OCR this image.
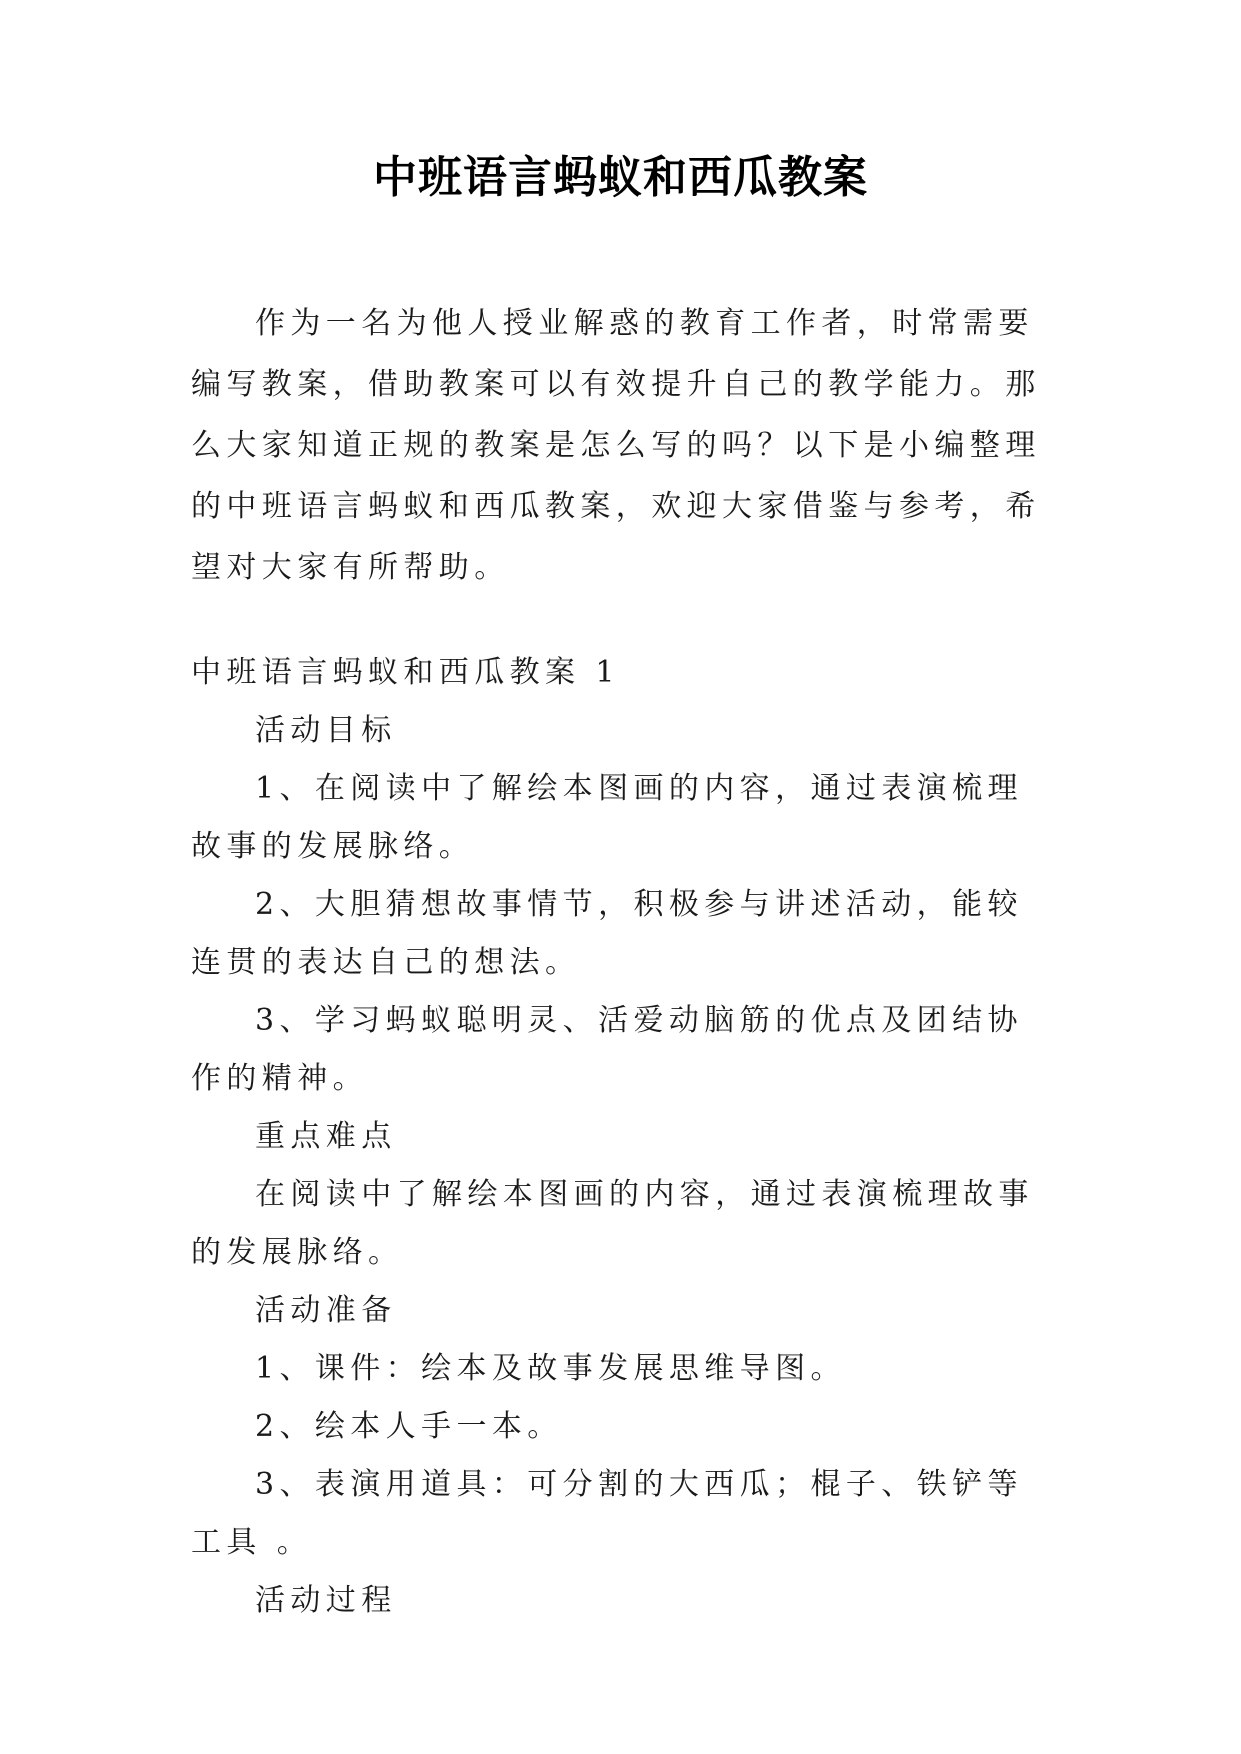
中班语言蚂蚁和西瓜教案

作为一名为他人授业解惑的教育工作者，时常需要编写教案，借助教案可以有效提升自己的教学能力。那么大家知道正规的教案是怎么写的吗？以下是小编整理的中班语言蚂蚁和西瓜教案，欢迎大家借鉴与参考，希望对大家有所帮助。

中班语言蚂蚁和西瓜教案 1

活动目标

1、在阅读中了解绘本图画的内容，通过表演梳理故事的发展脉络。

2、大胆猜想故事情节，积极参与讲述活动，能较连贯的表达自己的想法。

3、学习蚂蚁聪明灵、活爱动脑筋的优点及团结协作的精神。

重点难点

在阅读中了解绘本图画的内容，通过表演梳理故事的发展脉络。

活动准备

1、课件：绘本及故事发展思维导图。

2、绘本人手一本。

3、表演用道具：可分割的大西瓜；棍子、铁铲等工具 。

活动过程
